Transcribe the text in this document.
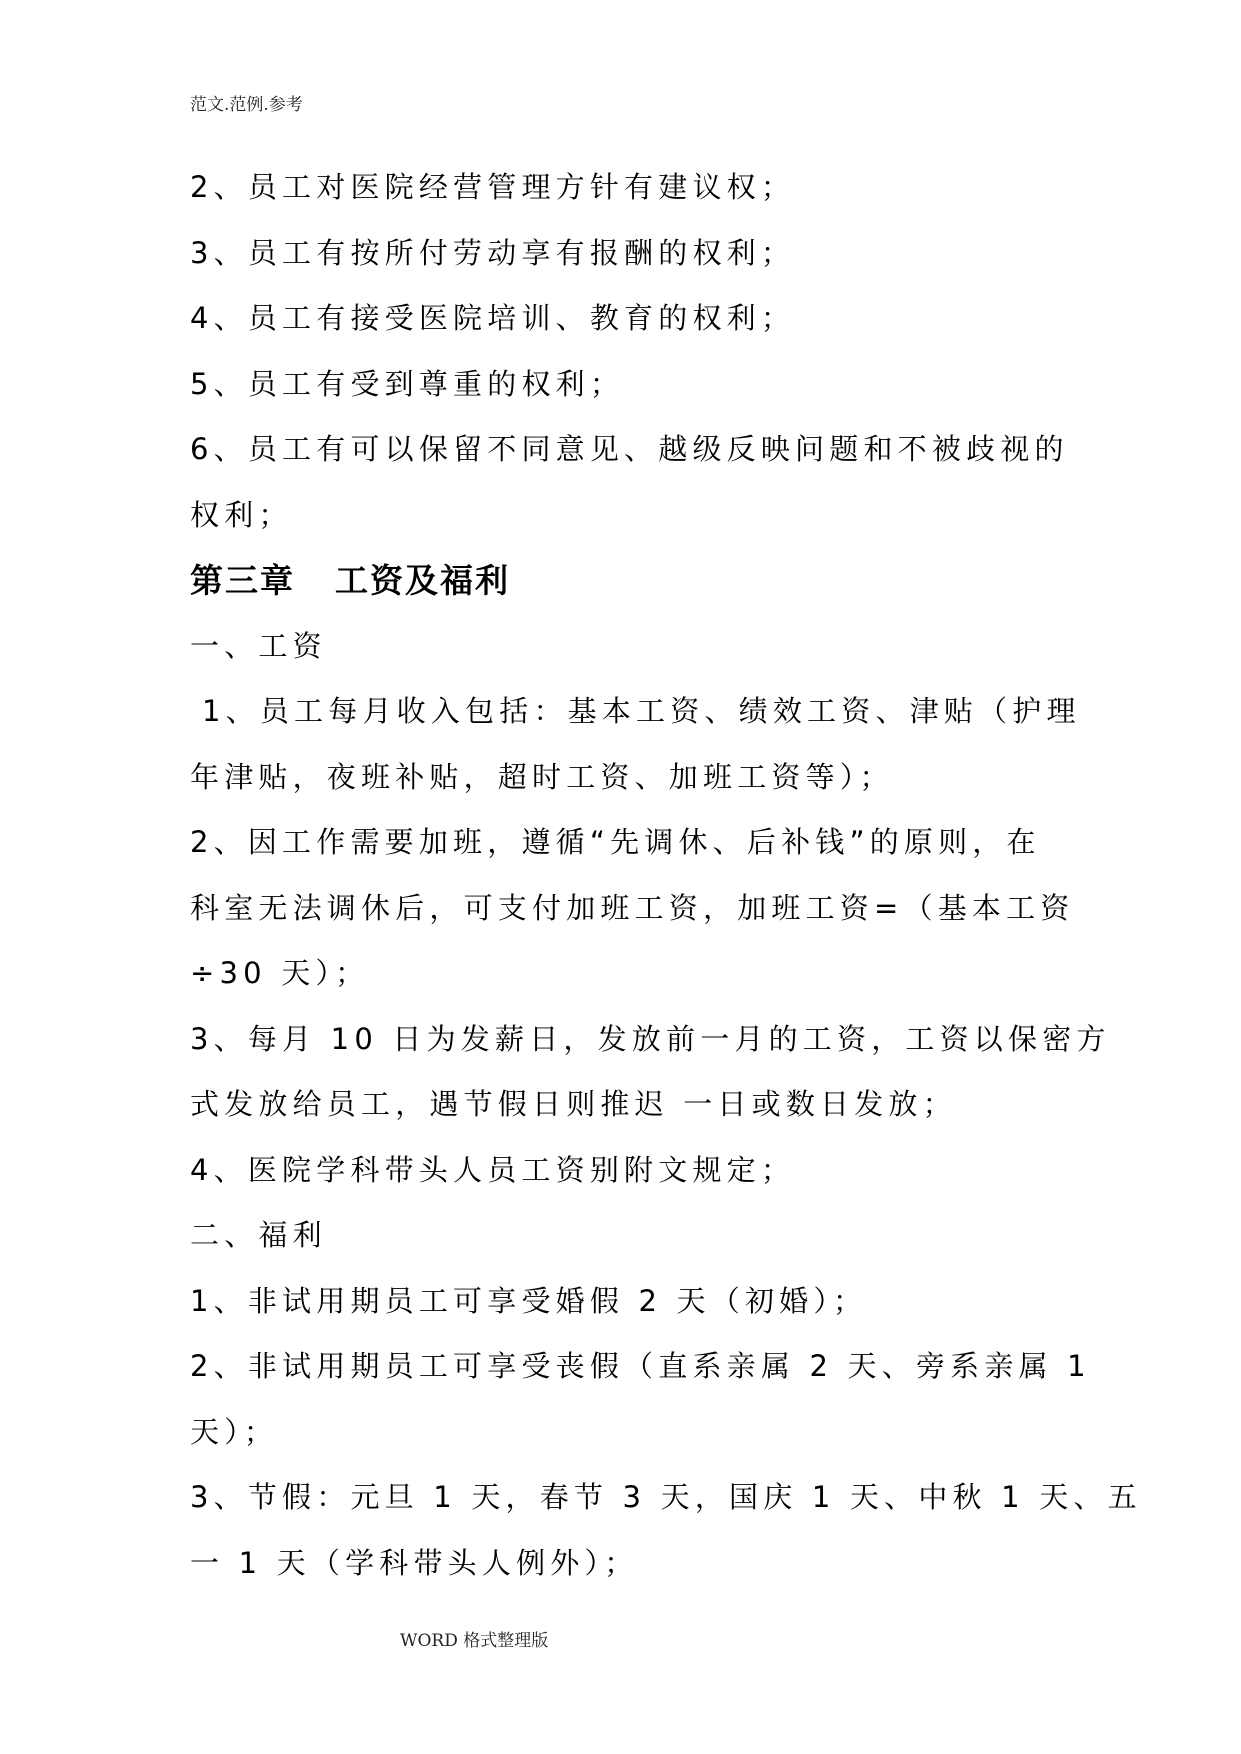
范文.范例.参考
2、员工对医院经营管理方针有建议权；
3、员工有按所付劳动享有报酬的权利；
4、员工有接受医院培训、教育的权利；
5、员工有受到尊重的权利；
6、员工有可以保留不同意见、越级反映问题和不被歧视的
权利；
第三章 工资及福利
一、工资
1、员工每月收入包括：基本工资、绩效工资、津贴（护理
年津贴，夜班补贴，超时工资、加班工资等）；
2、因工作需要加班，遵循“先调休、后补钱”的原则，在
科室无法调休后，可支付加班工资，加班工资=（基本工资
÷30 天）；
3、每月 10 日为发薪日，发放前一月的工资，工资以保密方
式发放给员工，遇节假日则推迟 一日或数日发放；
4、医院学科带头人员工资别附文规定；
二、福利
1、非试用期员工可享受婚假 2 天（初婚）；
2、非试用期员工可享受丧假（直系亲属 2 天、旁系亲属 1
天）；
3、节假：元旦 1 天，春节 3 天，国庆 1 天、中秋 1 天、五
一 1 天（学科带头人例外）；
WORD 格式整理版
